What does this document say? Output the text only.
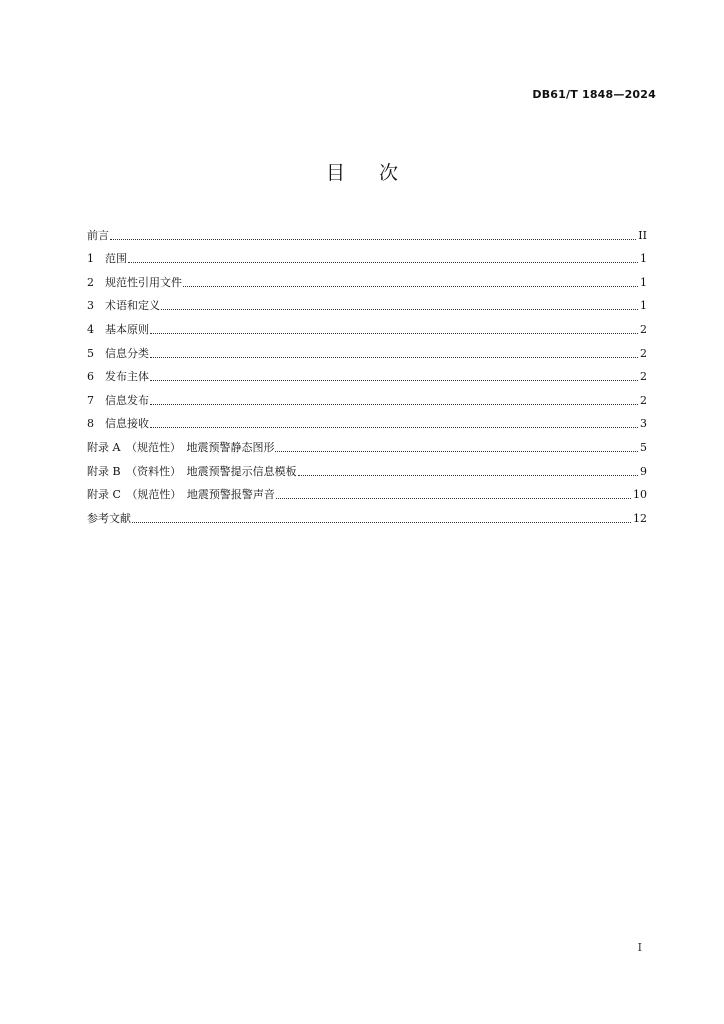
DB61/T 1848—2024
目次
前言	II
1　范围	1
2　规范性引用文件	1
3　术语和定义	1
4　基本原则	2
5　信息分类	2
6　发布主体	2
7　信息发布	2
8　信息接收	3
附录 A　（规范性）　地震预警静态图形	5
附录 B　（资料性）　地震预警提示信息模板	9
附录 C　（规范性）　地震预警报警声音	10
参考文献	12
I
